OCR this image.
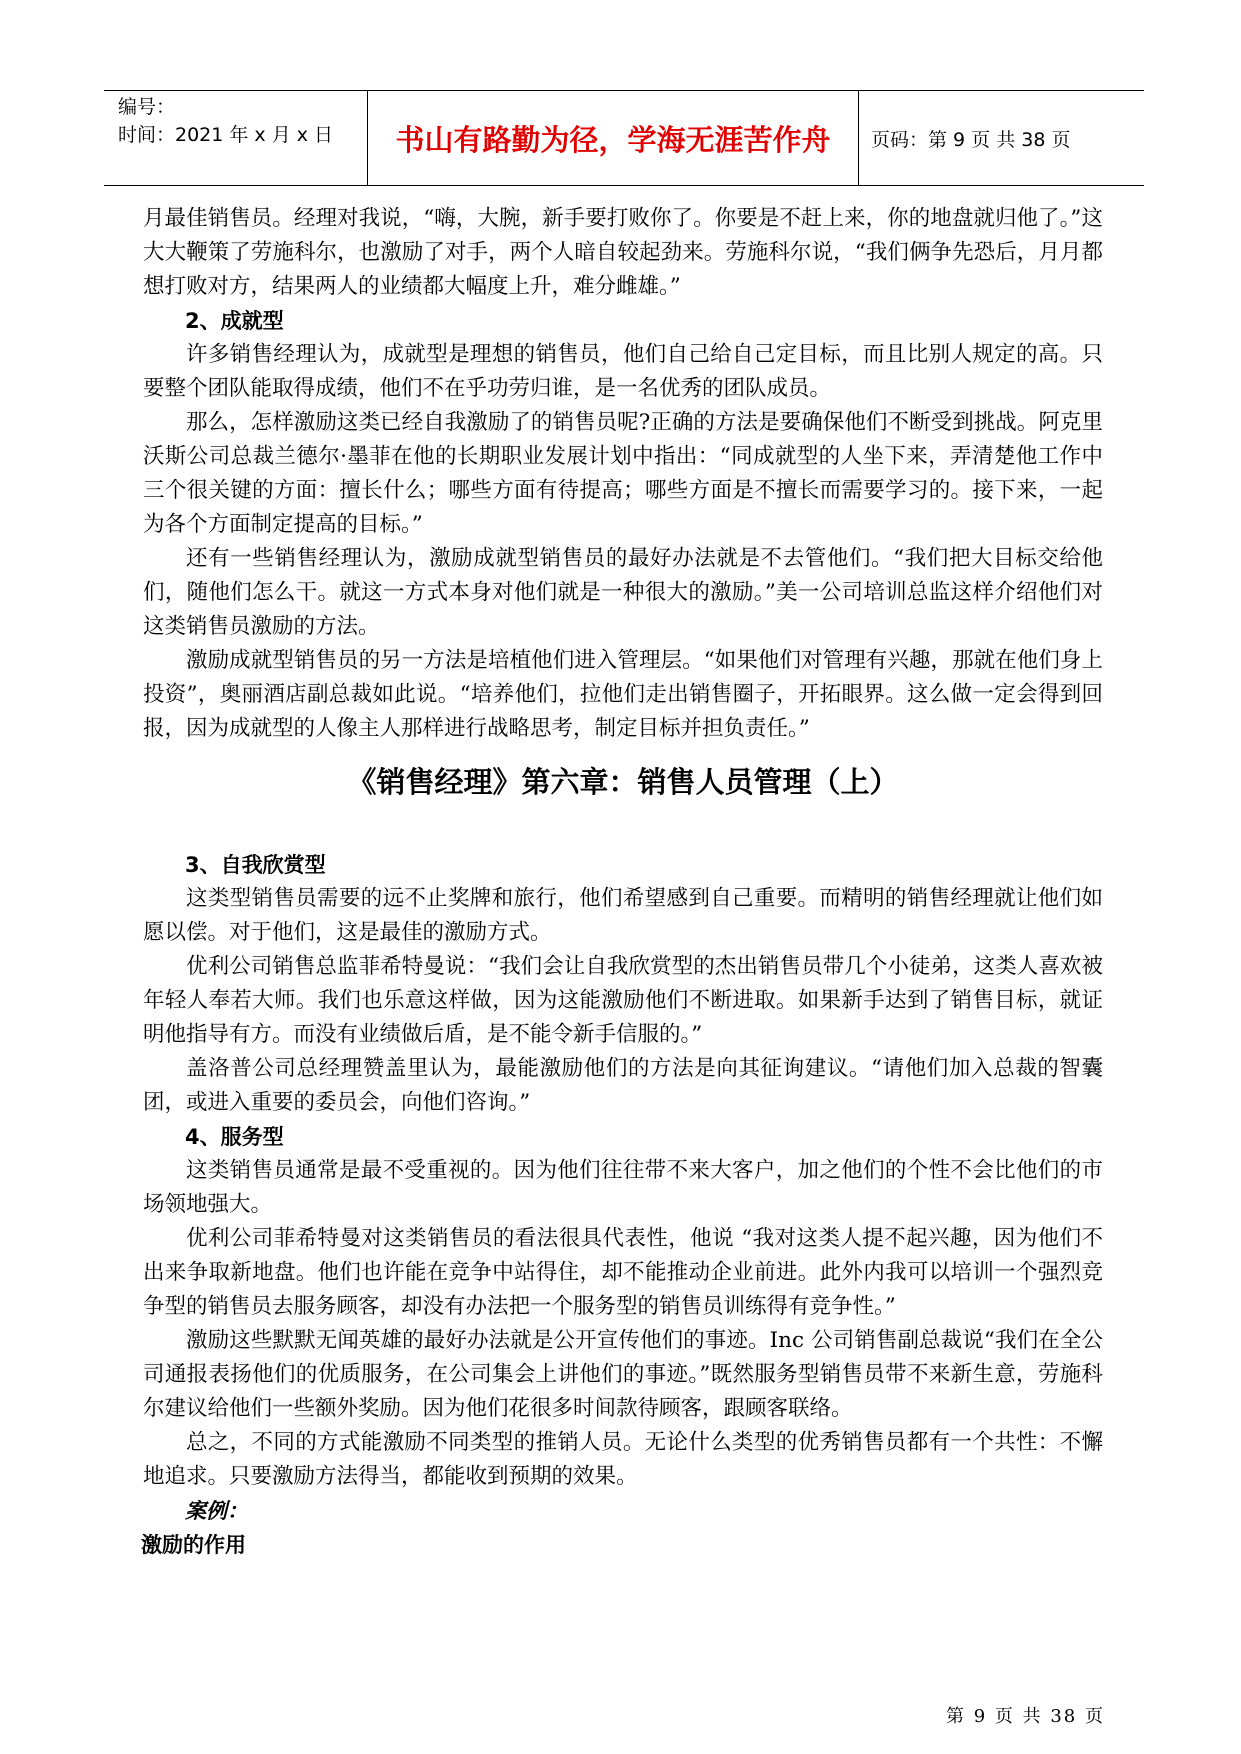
编号：
时间：2021 年 x 月 x 日	书山有路勤为径，学海无涯苦作舟	页码：第 9 页 共 38 页

月最佳销售员。经理对我说，“嗨，大腕，新手要打败你了。你要是不赶上来，你的地盘就归他了。”这大大鞭策了劳施科尔，也激励了对手，两个人暗自较起劲来。劳施科尔说，“我们俩争先恐后，月月都想打败对方，结果两人的业绩都大幅度上升，难分雌雄。”

2、成就型

许多销售经理认为，成就型是理想的销售员，他们自己给自己定目标，而且比别人规定的高。只要整个团队能取得成绩，他们不在乎功劳归谁，是一名优秀的团队成员。

那么，怎样激励这类已经自我激励了的销售员呢?正确的方法是要确保他们不断受到挑战。阿克里沃斯公司总裁兰德尔·墨菲在他的长期职业发展计划中指出：“同成就型的人坐下来，弄清楚他工作中三个很关键的方面：擅长什么；哪些方面有待提高；哪些方面是不擅长而需要学习的。接下来，一起为各个方面制定提高的目标。”

还有一些销售经理认为，激励成就型销售员的最好办法就是不去管他们。“我们把大目标交给他们，随他们怎么干。就这一方式本身对他们就是一种很大的激励。”美一公司培训总监这样介绍他们对这类销售员激励的方法。

激励成就型销售员的另一方法是培植他们进入管理层。“如果他们对管理有兴趣，那就在他们身上投资”，奥丽酒店副总裁如此说。“培养他们，拉他们走出销售圈子，开拓眼界。这么做一定会得到回报，因为成就型的人像主人那样进行战略思考，制定目标并担负责任。”

《销售经理》第六章：销售人员管理（上）

3、自我欣赏型

这类型销售员需要的远不止奖牌和旅行，他们希望感到自己重要。而精明的销售经理就让他们如愿以偿。对于他们，这是最佳的激励方式。

优利公司销售总监菲希特曼说：“我们会让自我欣赏型的杰出销售员带几个小徒弟，这类人喜欢被年轻人奉若大师。我们也乐意这样做，因为这能激励他们不断进取。如果新手达到了销售目标，就证明他指导有方。而没有业绩做后盾，是不能令新手信服的。”

盖洛普公司总经理赞盖里认为，最能激励他们的方法是向其征询建议。“请他们加入总裁的智囊团，或进入重要的委员会，向他们咨询。”

4、服务型

这类销售员通常是最不受重视的。因为他们往往带不来大客户，加之他们的个性不会比他们的市场领地强大。

优利公司菲希特曼对这类销售员的看法很具代表性，他说 “我对这类人提不起兴趣，因为他们不出来争取新地盘。他们也许能在竞争中站得住，却不能推动企业前进。此外内我可以培训一个强烈竞争型的销售员去服务顾客，却没有办法把一个服务型的销售员训练得有竞争性。”

激励这些默默无闻英雄的最好办法就是公开宣传他们的事迹。Inc 公司销售副总裁说“我们在全公司通报表扬他们的优质服务，在公司集会上讲他们的事迹。”既然服务型销售员带不来新生意，劳施科尔建议给他们一些额外奖励。因为他们花很多时间款待顾客，跟顾客联络。

总之，不同的方式能激励不同类型的推销人员。无论什么类型的优秀销售员都有一个共性：不懈地追求。只要激励方法得当，都能收到预期的效果。

案例：

激励的作用

第 9 页 共 38 页
